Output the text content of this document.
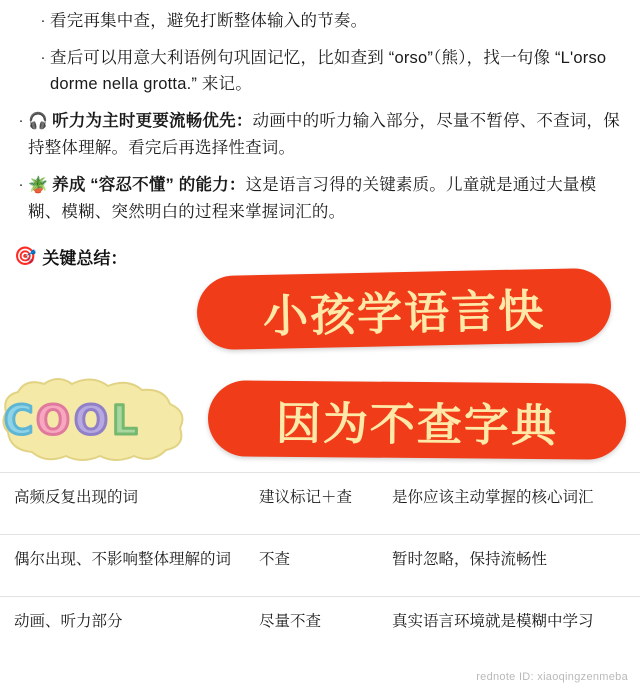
· 看完再集中查，避免打断整体输入的节奏。
· 查后可以用意大利语例句巩固记忆，比如查到 “orso”（熊），找一句像 “L'orso dorme nella grotta.” 来记。
· 🎧 听力为主时更要流畅优先：动画中的听力输入部分，尽量不暂停、不查词，保持整体理解。看完后再选择性查词。
· 🪴 养成 “容忍不懂” 的能力：这是语言习得的关键素质。儿童就是通过大量模糊、模糊、突然明白的过程来掌握词汇的。
🎯 关键总结：
C O O L
小孩学语言快
因为不查字典
高频反复出现的词	建议标记＋查	是你应该主动掌握的核心词汇
偶尔出现、不影响整体理解的词	不查	暂时忽略，保持流畅性
动画、听力部分	尽量不查	真实语言环境就是模糊中学习
rednote ID: xiaoqingzenmeba
